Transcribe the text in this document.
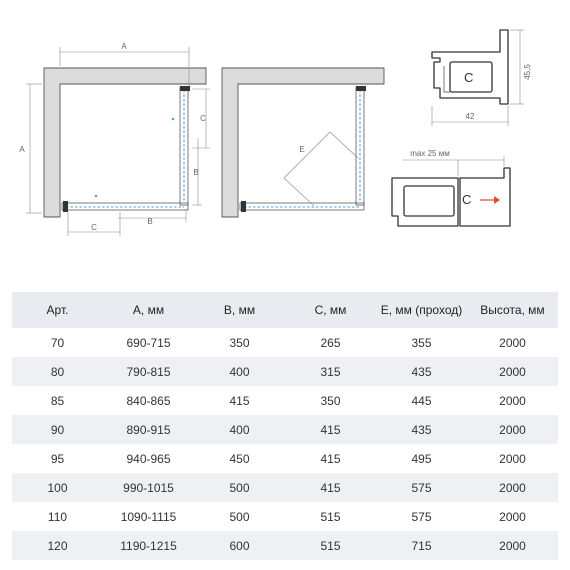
A
A
C
B
B
C
E
С	45,5
42
С
max 25 мм
Арт.	А, мм	B, мм	С, мм	Е, мм (проход)	Высота, мм
70	690-715	350	265	355	2000
80	790-815	400	315	435	2000
85	840-865	415	350	445	2000
90	890-915	400	415	435	2000
95	940-965	450	415	495	2000
100	990-1015	500	415	575	2000
110	1090-1115	500	515	575	2000
120	1190-1215	600	515	715	2000
